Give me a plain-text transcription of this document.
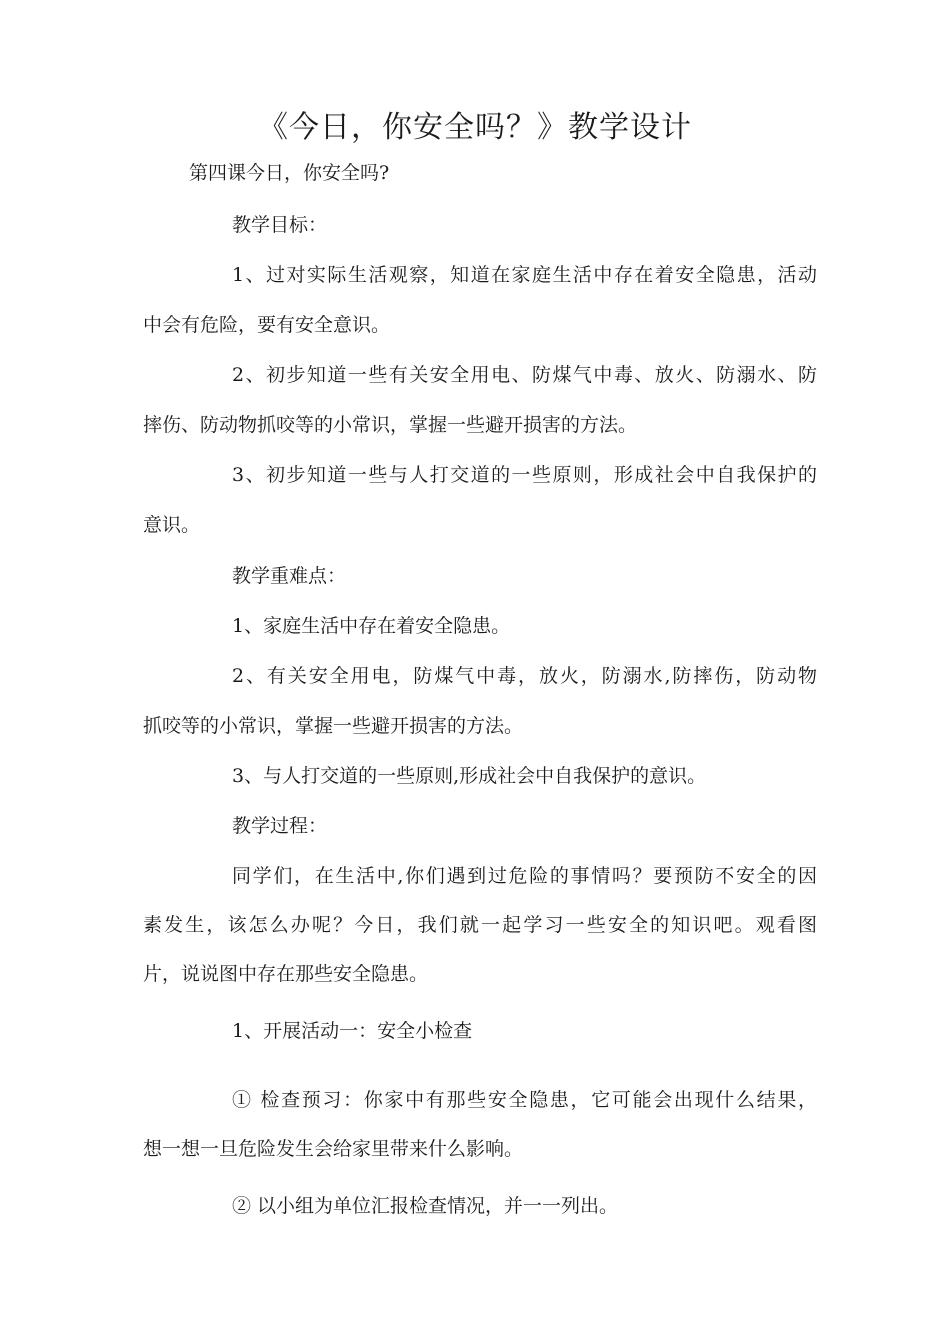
《今日，你安全吗？》教学设计
第四课今日，你安全吗?
教学目标：
1、过对实际生活观察，知道在家庭生活中存在着安全隐患，活动
中会有危险，要有安全意识。
2、初步知道一些有关安全用电、防煤气中毒、放火、防溺水、防
摔伤、防动物抓咬等的小常识，掌握一些避开损害的方法。
3、初步知道一些与人打交道的一些原则，形成社会中自我保护的
意识。
教学重难点：
1、家庭生活中存在着安全隐患。
2、有关安全用电，防煤气中毒，放火，防溺水,防摔伤，防动物
抓咬等的小常识，掌握一些避开损害的方法。
3、与人打交道的一些原则,形成社会中自我保护的意识。
教学过程：
同学们，在生活中,你们遇到过危险的事情吗？要预防不安全的因
素发生，该怎么办呢？今日，我们就一起学习一些安全的知识吧。观看图
片，说说图中存在那些安全隐患。
1、开展活动一：安全小检查
① 检查预习：你家中有那些安全隐患，它可能会出现什么结果，
想一想一旦危险发生会给家里带来什么影响。
② 以小组为单位汇报检查情况，并一一列出。
